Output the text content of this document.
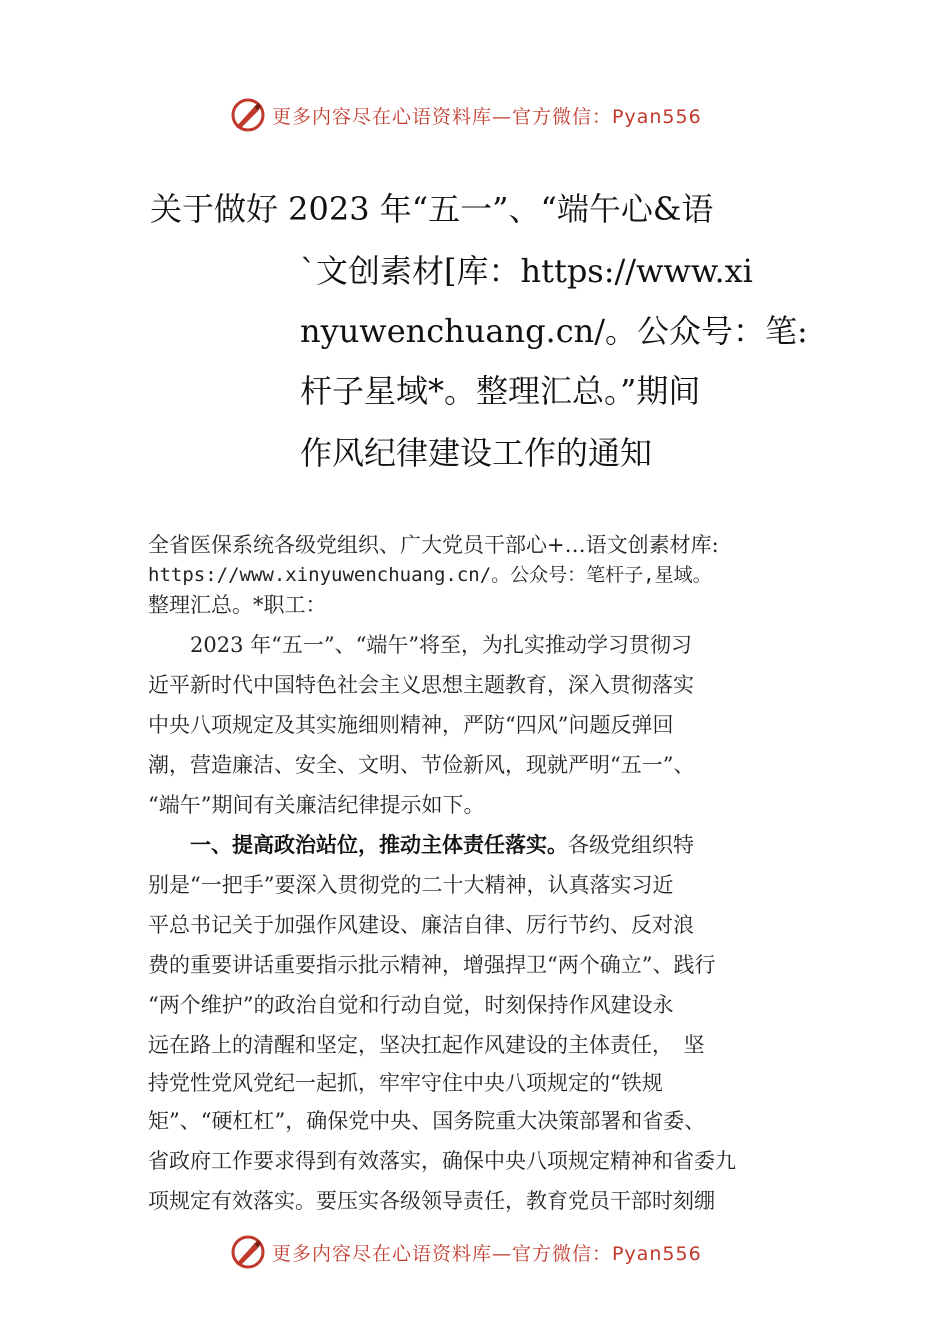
更多内容尽在心语资料库—官方微信：Pyan556
关于做好 2023 年“五一”、“端午心&语
`文创素材[库：https://www.xi
nyuwenchuang.cn/。公众号：笔:
杆子星域*。整理汇总。”期间
作风纪律建设工作的通知
全省医保系统各级党组织、广大党员干部心+…语文创素材库:
https://www.xinyuwenchuang.cn/。公众号：笔杆子,星域。
整理汇总。*职工：
　　2023 年“五一”、“端午”将至，为扎实推动学习贯彻习
近平新时代中国特色社会主义思想主题教育，深入贯彻落实
中央八项规定及其实施细则精神，严防“四风”问题反弹回
潮，营造廉洁、安全、文明、节俭新风，现就严明“五一”、
“端午”期间有关廉洁纪律提示如下。
　　一、提高政治站位，推动主体责任落实。各级党组织特
别是“一把手”要深入贯彻党的二十大精神，认真落实习近
平总书记关于加强作风建设、廉洁自律、厉行节约、反对浪
费的重要讲话重要指示批示精神，增强捍卫“两个确立”、践行
“两个维护”的政治自觉和行动自觉，时刻保持作风建设永
远在路上的清醒和坚定，坚决扛起作风建设的主体责任，　坚
持党性党风党纪一起抓，牢牢守住中央八项规定的“铁规
矩”、“硬杠杠”，确保党中央、国务院重大决策部署和省委、
省政府工作要求得到有效落实，确保中央八项规定精神和省委九
项规定有效落实。要压实各级领导责任，教育党员干部时刻绷
更多内容尽在心语资料库—官方微信：Pyan556
